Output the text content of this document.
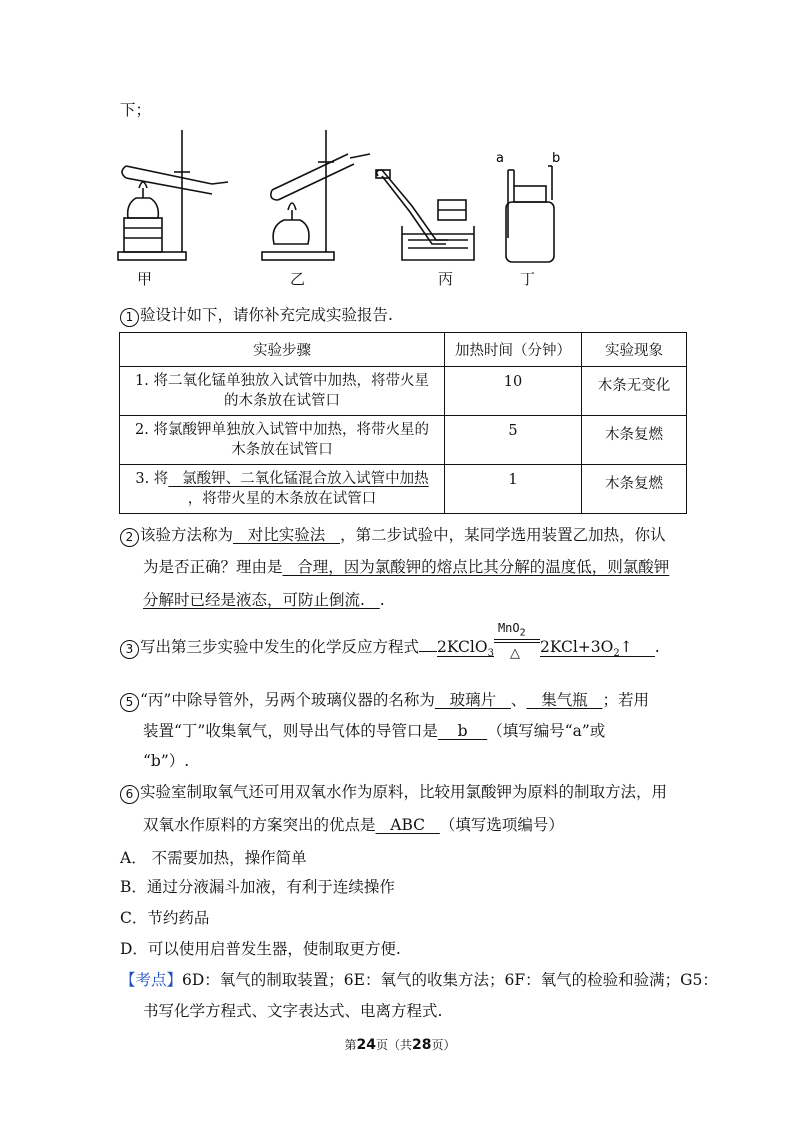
下；
a	b
甲	乙	丙	丁
1 验设计如下，请你补充完成实验报告.
实验步骤	加热时间（分钟）	实验现象

1. 将二氧化锰单独放入试管中加热，将带火星
的木条放在试管口	10	木条无变化

2. 将氯酸钾单独放入试管中加热，将带火星的
木条放在试管口	5	木条复燃

3. 将   氯酸钾、二氧化锰混合放入试管中加热
，将带火星的木条放在试管口	1	木条复燃
2 该验方法称为   对比实验法   ，第二步试验中，某同学选用装置乙加热，你认
为是否正确？理由是   合理，因为氯酸钾的熔点比其分解的温度低，则氯酸钾
分解时已经是液态，可防止倒流.   .
3 写出第三步实验中发生的化学反应方程式 2KClO$_3$
MnO$_2$
△ $2KCl+3O_2↑$ .
5 “丙”中除导管外，另两个玻璃仪器的名称为   玻璃片   、   集气瓶   ；若用
装置“丁”收集氧气，则导出气体的导管口是    b    （填写编号“a”或
“b”）.
6 实验室制取氧气还可用双氧水作为原料，比较用氯酸钾为原料的制取方法，用
双氧水作原料的方案突出的优点是   ABC   （填写选项编号）
A． 不需要加热，操作简单
B．通过分液漏斗加液，有利于连续操作
C．节约药品
D．可以使用启普发生器，使制取更方便.
【考点】6D：氧气的制取装置；6E：氧气的收集方法；6F：氧气的检验和验满；G5：
书写化学方程式、文字表达式、电离方程式.
第24页（共28页）
